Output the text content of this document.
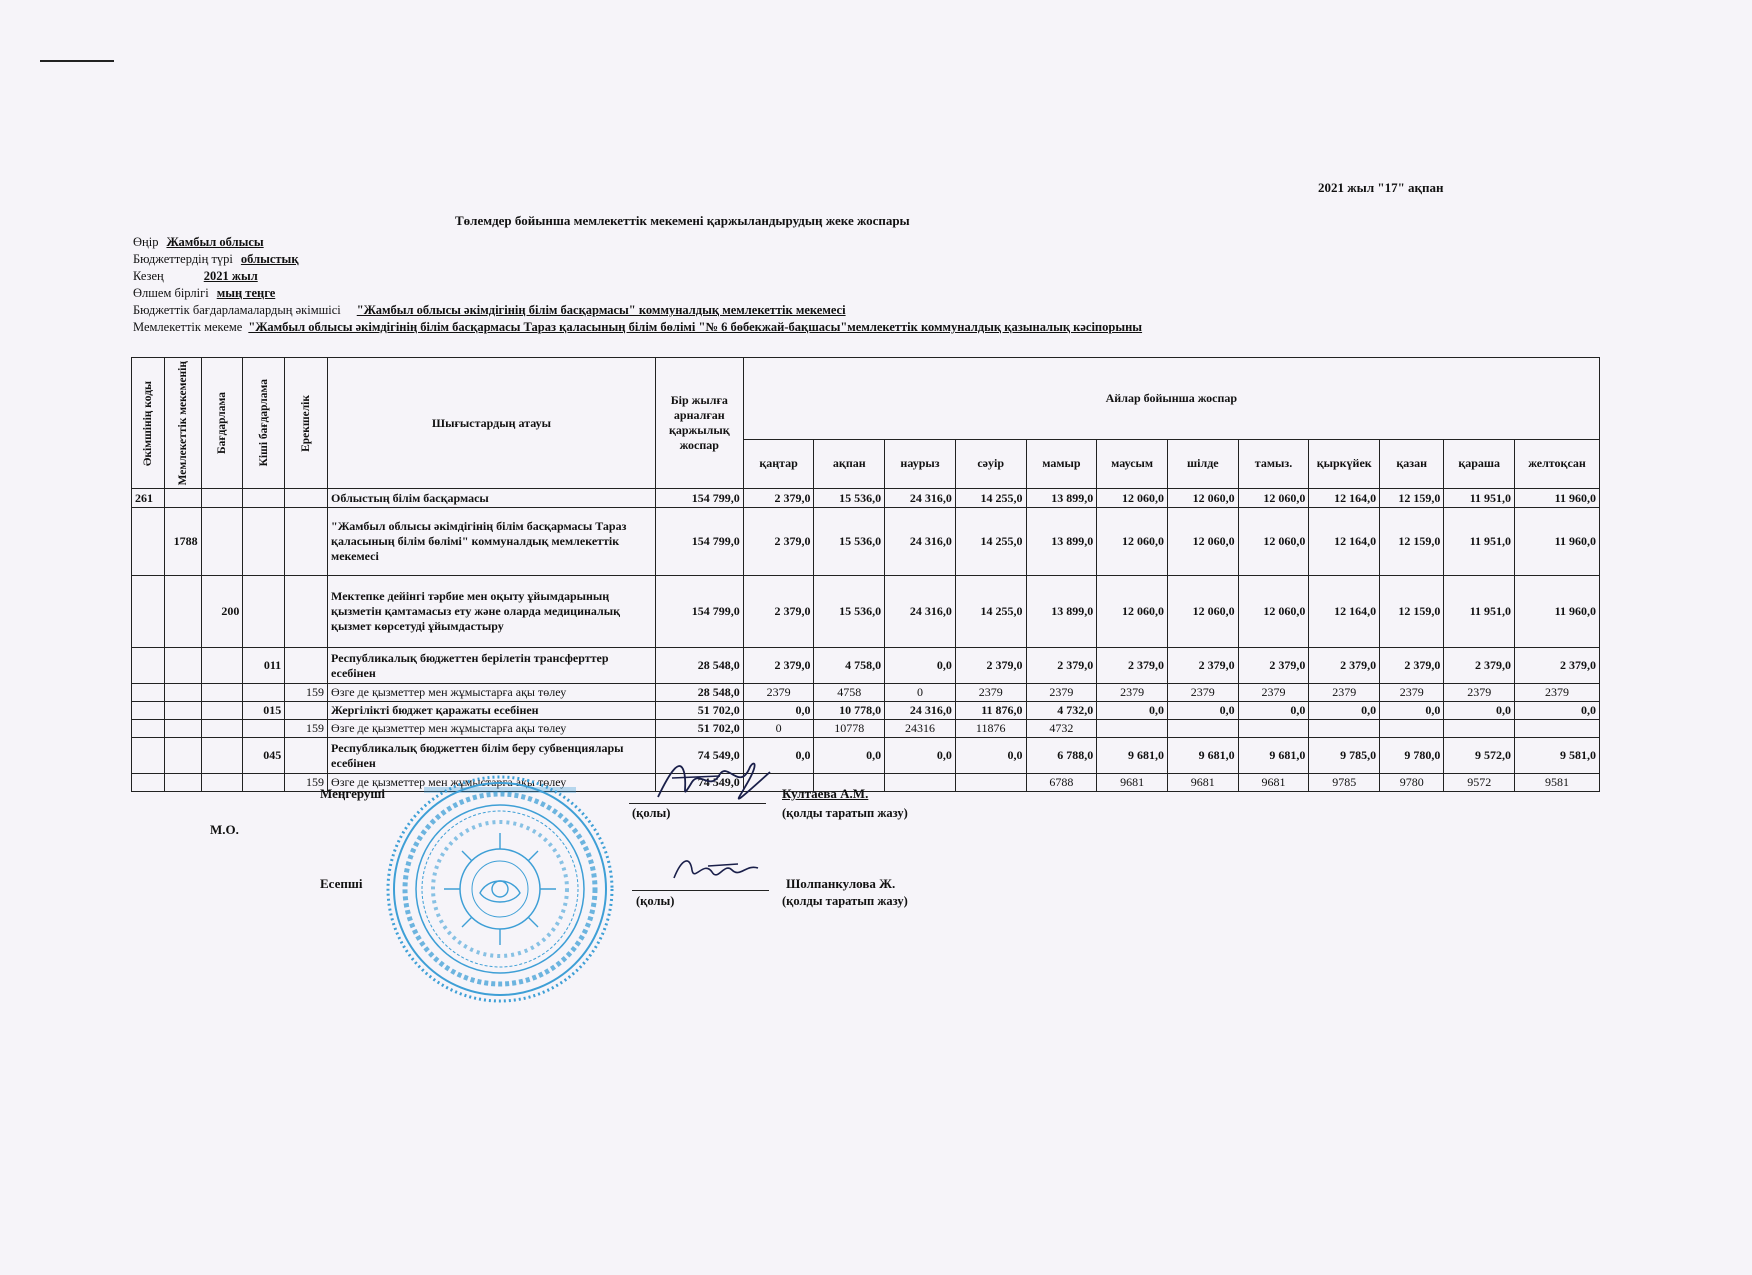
2021 жыл "17" ақпан
Төлемдер бойынша мемлекеттік мекемені қаржыландырудың жеке жоспары
Өңір Жамбыл облысы
Бюджеттердің түрі облыстық
Кезең	2021 жыл
Өлшем бірлігі мың теңге
Бюджеттік бағдарламалардың әкімшісі "Жамбыл облысы әкімдігінің білім басқармасы" коммуналдық мемлекеттік мекемесі
Мемлекеттік мекеме "Жамбыл облысы әкімдігінің білім басқармасы Тараз қаласының білім бөлімі "№ 6 бөбекжай-бақшасы"мемлекеттік коммуналдық қазыналық кәсіпорыны
Әкімшінің коды	Мемлекеттік мекеменің	Бағдарлама	Кіші бағдарлама	Ерекшелік	Шығыстардың атауы	Бір жылға арналған қаржылық жоспар	Айлар бойынша жоспар											
							қаңтар	ақпан	наурыз	сәуір	мамыр	маусым	шілде	тамыз.	қыркүйек	қазан	қараша	желтоқсан
261					Облыстың білім басқармасы	154 799,0	2 379,0	15 536,0	24 316,0	14 255,0	13 899,0	12 060,0	12 060,0	12 060,0	12 164,0	12 159,0	11 951,0	11 960,0
	1788				"Жамбыл облысы әкімдігінің білім басқармасы Тараз қаласының білім бөлімі" коммуналдық мемлекеттік мекемесі	154 799,0	2 379,0	15 536,0	24 316,0	14 255,0	13 899,0	12 060,0	12 060,0	12 060,0	12 164,0	12 159,0	11 951,0	11 960,0
		200			Мектепке дейінгі тәрбие мен оқыту ұйымдарының қызметін қамтамасыз ету және оларда медициналық қызмет көрсетуді ұйымдастыру	154 799,0	2 379,0	15 536,0	24 316,0	14 255,0	13 899,0	12 060,0	12 060,0	12 060,0	12 164,0	12 159,0	11 951,0	11 960,0
			011		Республикалық бюджеттен берілетін трансферттер есебінен	28 548,0	2 379,0	4 758,0	0,0	2 379,0	2 379,0	2 379,0	2 379,0	2 379,0	2 379,0	2 379,0	2 379,0	2 379,0
				159	Өзге де қызметтер мен жұмыстарға ақы төлеу	28 548,0	2379	4758	0	2379	2379	2379	2379	2379	2379	2379	2379	2379
			015		Жергілікті бюджет қаражаты есебінен	51 702,0	0,0	10 778,0	24 316,0	11 876,0	4 732,0	0,0	0,0	0,0	0,0	0,0	0,0	0,0
				159	Өзге де қызметтер мен жұмыстарға ақы төлеу	51 702,0	0	10778	24316	11876	4732							
			045		Республикалық бюджеттен білім беру субвенциялары есебінен	74 549,0	0,0	0,0	0,0	0,0	6 788,0	9 681,0	9 681,0	9 681,0	9 785,0	9 780,0	9 572,0	9 581,0
				159	Өзге де қызметтер мен жұмыстарға ақы төлеу	74 549,0					6788	9681	9681	9681	9785	9780	9572	9581
Меңгеруші
М.О.
Култаева А.М.
(қолы)	(қолды таратып жазу)
Есепші	Шолпанкулова Ж.
(қолы)	(қолды таратып жазу)
